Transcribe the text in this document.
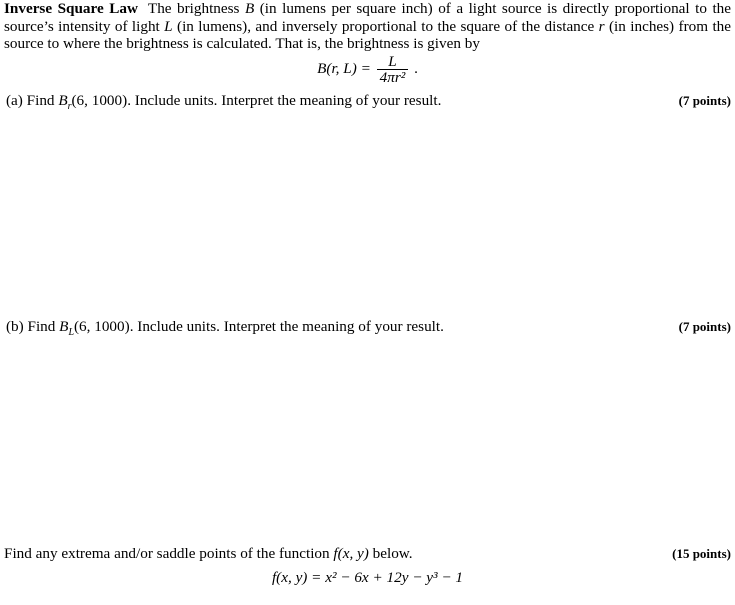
Inverse Square Law The brightness B (in lumens per square inch) of a light source is directly proportional to the source’s intensity of light L (in lumens), and inversely proportional to the square of the distance r (in inches) from the source to where the brightness is calculated. That is, the brightness is given by
B(r, $L) = \frac{L}{\text{4πr²}}$ .
(a) Find $B_r(6$, 1000). Include units. Interpret the meaning of your result.	(7 points)
(b) Find $B_L(6$, 1000). Include units. Interpret the meaning of your result.	(7 points)
Find any extrema and/or saddle points of the function f(x, y) below.	(15 points)
f(x, y) = x² − 6x + 12y − y³ − 1
